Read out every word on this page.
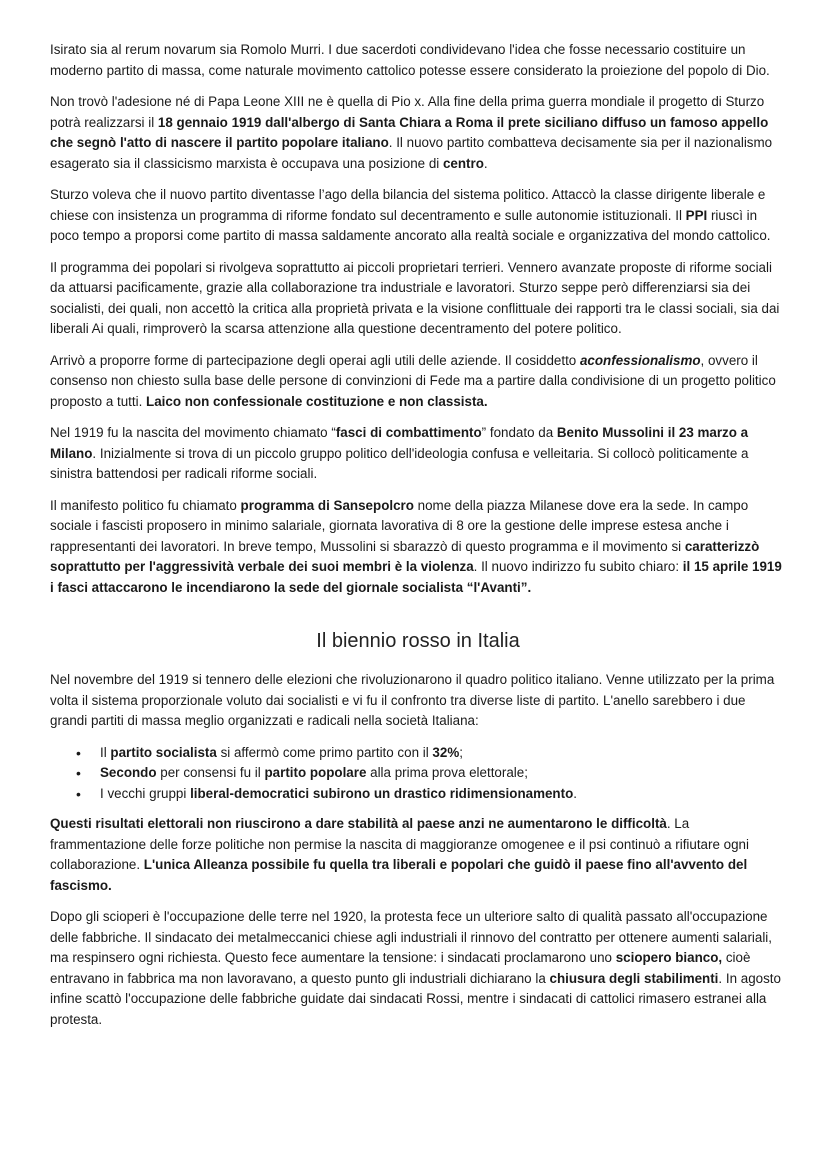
Isirato sia al rerum novarum sia Romolo Murri. I due sacerdoti condividevano l'idea che fosse necessario costituire un moderno partito di massa, come naturale movimento cattolico potesse essere considerato la proiezione del popolo di Dio.

Non trovò l'adesione né di Papa Leone XIII ne è quella di Pio x. Alla fine della prima guerra mondiale il progetto di Sturzo potrà realizzarsi il 18 gennaio 1919 dall'albergo di Santa Chiara a Roma il prete siciliano diffuso un famoso appello che segnò l'atto di nascere il partito popolare italiano. Il nuovo partito combatteva decisamente sia per il nazionalismo esagerato sia il classicismo marxista è occupava una posizione di centro.

Sturzo voleva che il nuovo partito diventasse l’ago della bilancia del sistema politico. Attaccò la classe dirigente liberale e chiese con insistenza un programma di riforme fondato sul decentramento e sulle autonomie istituzionali. Il PPI riuscì in poco tempo a proporsi come partito di massa saldamente ancorato alla realtà sociale e organizzativa del mondo cattolico.

Il programma dei popolari si rivolgeva soprattutto ai piccoli proprietari terrieri. Vennero avanzate proposte di riforme sociali da attuarsi pacificamente, grazie alla collaborazione tra industriale e lavoratori. Sturzo seppe però differenziarsi sia dei socialisti, dei quali, non accettò la critica alla proprietà privata e la visione conflittuale dei rapporti tra le classi sociali, sia dai liberali Ai quali, rimproverò la scarsa attenzione alla questione decentramento del potere politico.

Arrivò a proporre forme di partecipazione degli operai agli utili delle aziende. Il cosiddetto aconfessionalismo, ovvero il consenso non chiesto sulla base delle persone di convinzioni di Fede ma a partire dalla condivisione di un progetto politico proposto a tutti. Laico non confessionale costituzione e non classista.

Nel 1919 fu la nascita del movimento chiamato “fasci di combattimento” fondato da Benito Mussolini il 23 marzo a Milano. Inizialmente si trova di un piccolo gruppo politico dell'ideologia confusa e velleitaria. Si collocò politicamente a sinistra battendosi per radicali riforme sociali.

Il manifesto politico fu chiamato programma di Sansepolcro nome della piazza Milanese dove era la sede. In campo sociale i fascisti proposero in minimo salariale, giornata lavorativa di 8 ore la gestione delle imprese estesa anche i rappresentanti dei lavoratori. In breve tempo, Mussolini si sbarazzò di questo programma e il movimento si caratterizzò soprattutto per l'aggressività verbale dei suoi membri è la violenza. Il nuovo indirizzo fu subito chiaro: il 15 aprile 1919 i fasci attaccarono le incendiarono la sede del giornale socialista “l'Avanti”.

Il biennio rosso in Italia

Nel novembre del 1919 si tennero delle elezioni che rivoluzionarono il quadro politico italiano. Venne utilizzato per la prima volta il sistema proporzionale voluto dai socialisti e vi fu il confronto tra diverse liste di partito. L'anello sarebbero i due grandi partiti di massa meglio organizzati e radicali nella società Italiana:

• Il partito socialista si affermò come primo partito con il 32%;
• Secondo per consensi fu il partito popolare alla prima prova elettorale;
• I vecchi gruppi liberal-democratici subirono un drastico ridimensionamento.

Questi risultati elettorali non riuscirono a dare stabilità al paese anzi ne aumentarono le difficoltà. La frammentazione delle forze politiche non permise la nascita di maggioranze omogenee e il psi continuò a rifiutare ogni collaborazione. L'unica Alleanza possibile fu quella tra liberali e popolari che guidò il paese fino all'avvento del fascismo.

Dopo gli scioperi è l'occupazione delle terre nel 1920, la protesta fece un ulteriore salto di qualità passato all'occupazione delle fabbriche. Il sindacato dei metalmeccanici chiese agli industriali il rinnovo del contratto per ottenere aumenti salariali, ma respinsero ogni richiesta. Questo fece aumentare la tensione: i sindacati proclamarono uno sciopero bianco, cioè entravano in fabbrica ma non lavoravano, a questo punto gli industriali dichiarano la chiusura degli stabilimenti. In agosto infine scattò l'occupazione delle fabbriche guidate dai sindacati Rossi, mentre i sindacati di cattolici rimasero estranei alla protesta.
